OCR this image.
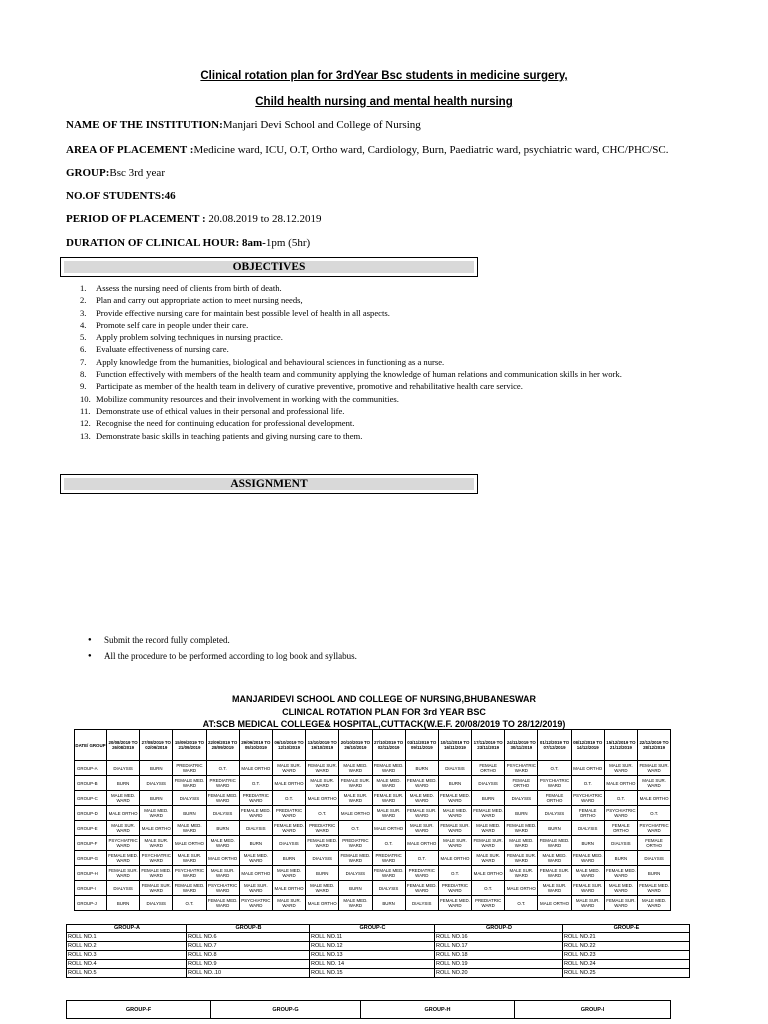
Clinical rotation plan for 3rdYear Bsc students in medicine surgery,
Child health nursing and mental health nursing
NAME OF THE INSTITUTION:Manjari Devi School and College of Nursing
AREA OF PLACEMENT :Medicine ward, ICU, O.T, Ortho ward, Cardiology, Burn, Paediatric ward, psychiatric ward, CHC/PHC/SC.
GROUP:Bsc 3rd year
NO.OF STUDENTS:46
PERIOD OF PLACEMENT : 20.08.2019 to 28.12.2019
DURATION OF CLINICAL HOUR: 8am-1pm (5hr)
OBJECTIVES
1. Assess the nursing need of clients from birth of death.
2. Plan and carry out appropriate action to meet nursing needs,
3. Provide effective nursing care for maintain best possible level of health in all aspects.
4. Promote self care in people under their care.
5. Apply problem solving techniques in nursing practice.
6. Evaluate effectiveness of nursing care.
7. Apply knowledge from the humanities, biological and behavioural sciences in functioning as a nurse.
8. Function effectively with members of the health team and community applying the knowledge of human relations and communication skills in her work.
9. Participate as member of the health team in delivery of curative preventive, promotive and rehabilitative health care service.
10. Mobilize community resources and their involvement in working with the communities.
11. Demonstrate use of ethical values in their personal and professional life.
12. Recognise the need for continuing education for professional development.
13. Demonstrate basic skills in teaching patients and giving nursing care to them.
ASSIGNMENT
● Submit the record fully completed.
● All the procedure to be performed according to log book and syllabus.
MANJARIDEVI SCHOOL AND COLLEGE OF NURSING,BHUBANESWAR
CLINICAL ROTATION PLAN FOR 3rd YEAR BSC
AT:SCB MEDICAL COLLEGE& HOSPITAL,CUTTACK(W.E.F. 20/08/2019 TO 28/12/2019)
DATE/ GROUP	20/08/2019 TO 26/08/2019	27/08/2019 TO 02/09/2019	15/09/2019 TO 21/09/2019	22/09/2019 TO 28/09/2019	29/09/2019 TO 05/10/2019	06/10/2019 TO 12/10/2019	13/10/2019 TO 19/10/2019	20/10/2019 TO 26/10/2019	27/10/2019 TO 02/11/2019	03/11/2019 TO 09/11/2019	10/11/2019 TO 16/11/2019	17/11/2019 TO 23/11/2019	24/11/2019 TO 30/11/2019	01/12/2019 TO 07/12/2019	08/12/2019 TO 14/12/2019	15/12/2019 TO 21/12/2019	22/12/2019 TO 28/12/2019
GROUP-A	DIALYSIS	BURN	PREDIATRIC WARD	O.T.	MALE ORTHO	MALE SUR. WARD	FEMALE SUR. WARD	MALE MED. WARD	FEMALE MED. WARD	BURN	DIALYSIS	FEMALE ORTHO	PSYCHIATRIC WARD	O.T.	MALE ORTHO	MALE SUR. WARD	FEMALE SUR. WARD
GROUP-B	BURN	DIALYSIS	FEMALE MED. WARD	PREDIATRIC WARD	O.T.	MALE ORTHO	MALE SUR. WARD	FEMALE SUR. WARD	MALE MED. WARD	FEMALE MED. WARD	BURN	DIALYSIS	FEMALE ORTHO	PSYCHIATRIC WARD	O.T.	MALE ORTHO	MALE SUR. WARD
GROUP-C	MALE MED. WARD	BURN	DIALYSIS	FEMALE MED. WARD	PREDIATRIC WARD	O.T.	MALE ORTHO	MALE SUR. WARD	FEMALE SUR. WARD	MALE MED. WARD	FEMALE MED. WARD	BURN	DIALYSIS	FEMALE ORTHO	PSYCHIATRIC WARD	O.T.	MALE ORTHO
GROUP-D	MALE ORTHO	MALE MED. WARD	BURN	DIALYSIS	FEMALE MED. WARD	PREDIATRIC WARD	O.T.	MALE ORTHO	MALE SUR. WARD	FEMALE SUR. WARD	MALE MED. WARD	FEMALE MED. WARD	BURN	DIALYSIS	FEMALE ORTHO	PSYCHIATRIC WARD	O.T.
GROUP-E	MALE SUR. WARD	MALE ORTHO	MALE MED. WARD	BURN	DIALYSIS	FEMALE MED. WARD	PREDIATRIC WARD	O.T.	MALE ORTHO	MALE SUR. WARD	FEMALE SUR. WARD	MALE MED. WARD	FEMALE MED. WARD	BURN	DIALYSIS	FEMALE ORTHO	PSYCHIATRIC WARD
GROUP-F	PSYCHIATRIC WARD	MALE SUR. WARD	MALE ORTHO	MALE MED. WARD	BURN	DIALYSIS	FEMALE MED. WARD	PREDIATRIC WARD	O.T.	MALE ORTHO	MALE SUR. WARD	FEMALE SUR. WARD	MALE MED. WARD	FEMALE MED. WARD	BURN	DIALYSIS	FEMALE ORTHO
GROUP-G	FEMALE MED. WARD	PSYCHIATRIC WARD	MALE SUR. WARD	MALE ORTHO	MALE MED. WARD	BURN	DIALYSIS	FEMALE MED. WARD	PREDIATRIC WARD	O.T.	MALE ORTHO	MALE SUR. WARD	FEMALE SUR. WARD	MALE MED. WARD	FEMALE MED. WARD	BURN	DIALYSIS
GROUP-H	FEMALE SUR. WARD	FEMALE MED. WARD	PSYCHIATRIC WARD	MALE SUR. WARD	MALE ORTHO	MALE MED. WARD	BURN	DIALYSIS	FEMALE MED. WARD	PREDIATRIC WARD	O.T.	MALE ORTHO	MALE SUR. WARD	FEMALE SUR. WARD	MALE MED. WARD	FEMALE MED. WARD	BURN
GROUP-I	DIALYSIS	FEMALE SUR. WARD	FEMALE MED. WARD	PSYCHIATRIC WARD	MALE SUR. WARD	MALE ORTHO	MALE MED. WARD	BURN	DIALYSIS	FEMALE MED. WARD	PREDIATRIC WARD	O.T.	MALE ORTHO	MALE SUR. WARD	FEMALE SUR. WARD	MALE MED. WARD	FEMALE MED. WARD
GROUP-J	BURN	DIALYSIS	O.T.	FEMALE MED. WARD	PSYCHIATRIC WARD	MALE SUR. WARD	MALE ORTHO	MALE MED. WARD	BURN	DIALYSIS	FEMALE MED. WARD	PREDIATRIC WARD	O.T.	MALE ORTHO	MALE SUR. WARD	FEMALE SUR. WARD	MALE MED. WARD
GROUP-A	GROUP-B	GROUP-C	GROUP-D	GROUP-E
ROLL NO.1	ROLL NO.6	ROLL NO.11	ROLL NO.16	ROLL NO.21
ROLL NO.2	ROLL NO.7	ROLL NO.12	ROLL NO.17	ROLL NO.22
ROLL NO.3	ROLL NO.8	ROLL NO.13	ROLL NO.18	ROLL NO.23
ROLL NO.4	ROLL NO.9	ROLL NO. 14	ROLL NO.19	ROLL NO.24
ROLL NO.5	ROLL NO..10	ROLL NO.15	ROLL NO.20	ROLL NO.25
GROUP-F	GROUP-G	GROUP-H	GROUP-I
